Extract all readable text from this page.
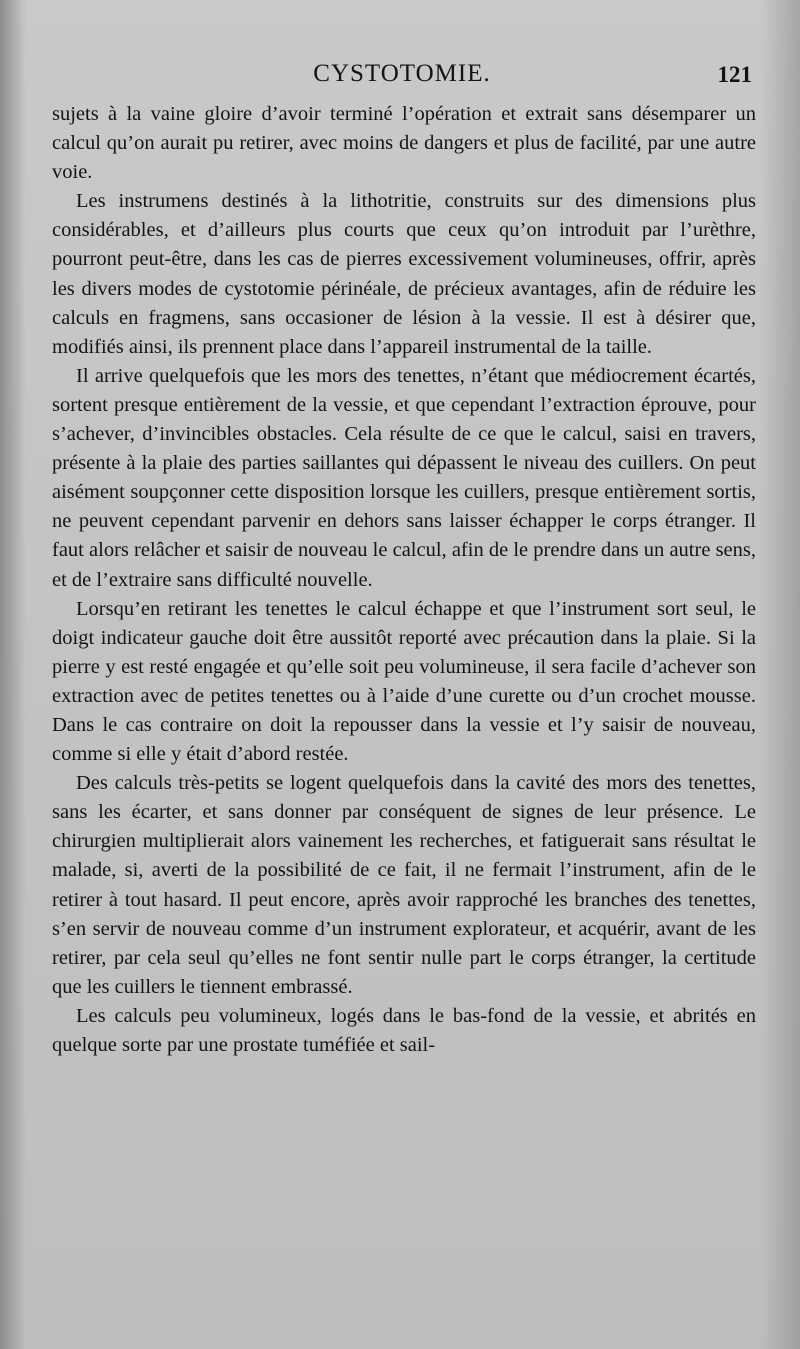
CYSTOTOMIE.	121

sujets à la vaine gloire d’avoir terminé l’opération et extrait sans désemparer un calcul qu’on aurait pu retirer, avec moins de dangers et plus de facilité, par une autre voie.

Les instrumens destinés à la lithotritie, construits sur des dimensions plus considérables, et d’ailleurs plus courts que ceux qu’on introduit par l’urèthre, pourront peut-être, dans les cas de pierres excessivement volumineuses, offrir, après les divers modes de cystotomie périnéale, de précieux avantages, afin de réduire les calculs en fragmens, sans occasioner de lésion à la vessie. Il est à désirer que, modifiés ainsi, ils prennent place dans l’appareil instrumental de la taille.

Il arrive quelquefois que les mors des tenettes, n’étant que médiocrement écartés, sortent presque entièrement de la vessie, et que cependant l’extraction éprouve, pour s’achever, d’invincibles obstacles. Cela résulte de ce que le calcul, saisi en travers, présente à la plaie des parties saillantes qui dépassent le niveau des cuillers. On peut aisément soupçonner cette disposition lorsque les cuillers, presque entièrement sortis, ne peuvent cependant parvenir en dehors sans laisser échapper le corps étranger. Il faut alors relâcher et saisir de nouveau le calcul, afin de le prendre dans un autre sens, et de l’extraire sans difficulté nouvelle.

Lorsqu’en retirant les tenettes le calcul échappe et que l’instrument sort seul, le doigt indicateur gauche doit être aussitôt reporté avec précaution dans la plaie. Si la pierre y est resté engagée et qu’elle soit peu volumineuse, il sera facile d’achever son extraction avec de petites tenettes ou à l’aide d’une curette ou d’un crochet mousse. Dans le cas contraire on doit la repousser dans la vessie et l’y saisir de nouveau, comme si elle y était d’abord restée.

Des calculs très-petits se logent quelquefois dans la cavité des mors des tenettes, sans les écarter, et sans donner par conséquent de signes de leur présence. Le chirurgien multiplierait alors vainement les recherches, et fatiguerait sans résultat le malade, si, averti de la possibilité de ce fait, il ne fermait l’instrument, afin de le retirer à tout hasard. Il peut encore, après avoir rapproché les branches des tenettes, s’en servir de nouveau comme d’un instrument explorateur, et acquérir, avant de les retirer, par cela seul qu’elles ne font sentir nulle part le corps étranger, la certitude que les cuillers le tiennent embrassé.

Les calculs peu volumineux, logés dans le bas-fond de la vessie, et abrités en quelque sorte par une prostate tuméfiée et sail-
